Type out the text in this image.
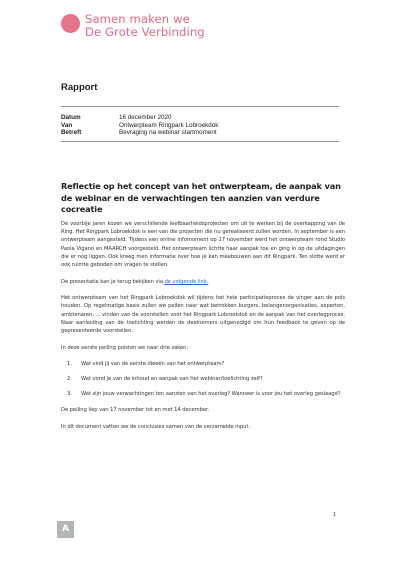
Samen maken we
De Grote Verbinding
Rapport
Datum	16 december 2020
Van	Ontwerpteam Ringpark Lobroekdok
Betreft	Bevraging na webinar startmoment
Reflectie op het concept van het ontwerpteam, de aanpak van de webinar en de verwachtingen ten aanzien van verdure cocreatie

De voorbije jaren kozen we verschillende leefbaarheidsprojecten om uit te werken bij de overkapping van de Ring. Het Ringpark Lobroekdok is een van die projecten die nu gerealiseerd zullen worden. In september is een ontwerpteam aangesteld. Tijdens een online infomoment op 17 november werd het ontwerpteam rond Studio Paola Vigano en MAARCH voorgesteld. Het ontwerpteam lichtte haar aanpak toe en ging in op de uitdagingen die er nog liggen. Ook kreeg men informatie over hoe je kan meebouwen aan dit Ringpark. Ten slotte werd er ook ruimte geboden om vragen te stellen.

De presentatie kan je terug bekijken via de volgende link.

Het ontwerpteam van het Ringpark Lobroekdok wil tijdens het hele participatieproces de vinger aan de pols houden. Op regelmatige basis zullen we peilen naar wat betrokken burgers, belangenorganisaties, experten, ambtenaren, ... vinden van de voorstellen voor het Ringpark Lobroekdok en de aanpak van het overlegproces. Naar aanleiding van de toelichting werden de deelnemers uitgenodigd om hun feedback te geven op de gepresenteerde voorstellen.

In deze eerste peiling polsten we naar drie zaken:

1.	Wat vind jij van de eerste ideeën van het ontwerpteam?
2.	Wat vond je van de inhoud en aanpak van het webinar/toelichting zelf?
3.	Wat zijn jouw verwachtingen ten aanzien van het overleg? Wanneer is voor jou het overleg geslaagd?

De peiling liep van 17 november tot en met 14 december.

In dit document vatten we de conclusies samen van de verzamelde input.

1
A
